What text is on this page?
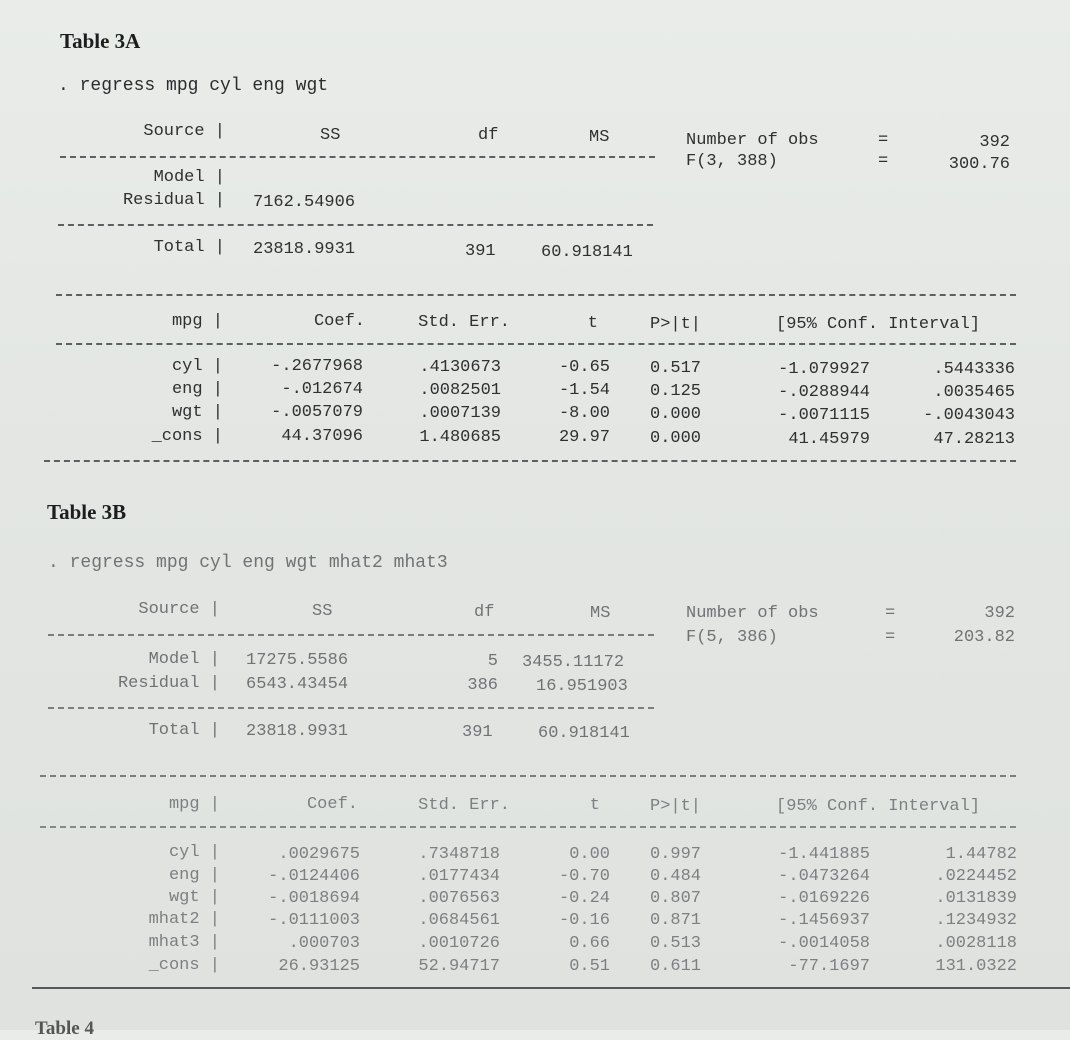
Table 3A
. regress mpg cyl eng wgt
Source |	SS	df	MS
Model |
Residual | 7162.54906
Total | 23818.9931	391	60.918141
Number of obs	=	392
F(3, 388)	=	300.76
mpg |	Coef.	Std. Err.	t	P>|t|	[95% Conf. Interval]
cyl |	-.2677968	.4130673	-0.65 0.517	-1.079927	.5443336
eng |	-.012674	.0082501	-1.54 0.125	-.0288944	.0035465
wgt |	-.0057079	.0007139	-8.00 0.000	-.0071115	-.0043043
_cons |	44.37096	1.480685	29.97 0.000	41.45979	47.28213
Table 3B
. regress mpg cyl eng wgt mhat2 mhat3
Source |	SS	df	MS
Model | 17275.5586	5 3455.11172
Residual | 6543.43454	386 16.951903
Total | 23818.9931	391	60.918141
Number of obs	=	392
F(5, 386)	=	203.82
mpg |	Coef.	Std. Err.	t	P>|t|	[95% Conf. Interval]
cyl |	.0029675	.7348718	0.00 0.997	-1.441885	1.44782
eng |	-.0124406	.0177434	-0.70 0.484	-.0473264	.0224452
wgt |	-.0018694	.0076563	-0.24 0.807	-.0169226	.0131839
mhat2 |	-.0111003	.0684561	-0.16 0.871	-.1456937	.1234932
mhat3 |	.000703	.0010726	0.66 0.513	-.0014058	.0028118
_cons |	26.93125	52.94717	0.51 0.611	-77.1697	131.0322
Table 4
